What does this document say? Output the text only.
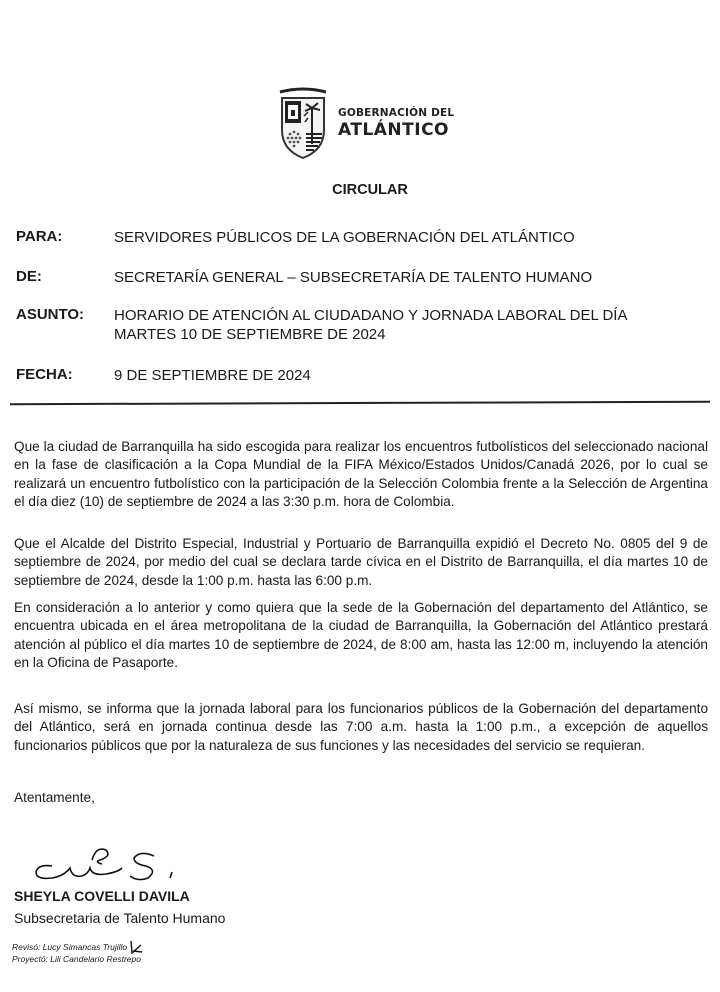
GOBERNACIÓN DEL
ATLÁNTICO
CIRCULAR
PARA:	SERVIDORES PÚBLICOS DE LA GOBERNACIÓN DEL ATLÁNTICO
DE:	SECRETARÍA GENERAL – SUBSECRETARÍA DE TALENTO HUMANO
ASUNTO:	HORARIO DE ATENCIÓN AL CIUDADANO Y JORNADA LABORAL DEL DÍA MARTES 10 DE SEPTIEMBRE DE 2024
FECHA:	9 DE SEPTIEMBRE DE 2024

Que la ciudad de Barranquilla ha sido escogida para realizar los encuentros futbolísticos del seleccionado nacional en la fase de clasificación a la Copa Mundial de la FIFA México/Estados Unidos/Canadá 2026, por lo cual se realizará un encuentro futbolístico con la participación de la Selección Colombia frente a la Selección de Argentina el día diez (10) de septiembre de 2024 a las 3:30 p.m. hora de Colombia.

Que el Alcalde del Distrito Especial, Industrial y Portuario de Barranquilla expidió el Decreto No. 0805 del 9 de septiembre de 2024, por medio del cual se declara tarde cívica en el Distrito de Barranquilla, el día martes 10 de septiembre de 2024, desde la 1:00 p.m. hasta las 6:00 p.m.

En consideración a lo anterior y como quiera que la sede de la Gobernación del departamento del Atlántico, se encuentra ubicada en el área metropolitana de la ciudad de Barranquilla, la Gobernación del Atlántico prestará atención al público el día martes 10 de septiembre de 2024, de 8:00 am, hasta las 12:00 m, incluyendo la atención en la Oficina de Pasaporte.

Así mismo, se informa que la jornada laboral para los funcionarios públicos de la Gobernación del departamento del Atlántico, será en jornada continua desde las 7:00 a.m. hasta la 1:00 p.m., a excepción de aquellos funcionarios públicos que por la naturaleza de sus funciones y las necesidades del servicio se requieran.

Atentamente,
SHEYLA COVELLI DAVILA
Subsecretaria de Talento Humano
Revisó: Lucy Simancas Trujillo
Proyectó: Lili Candelario Restrepo
